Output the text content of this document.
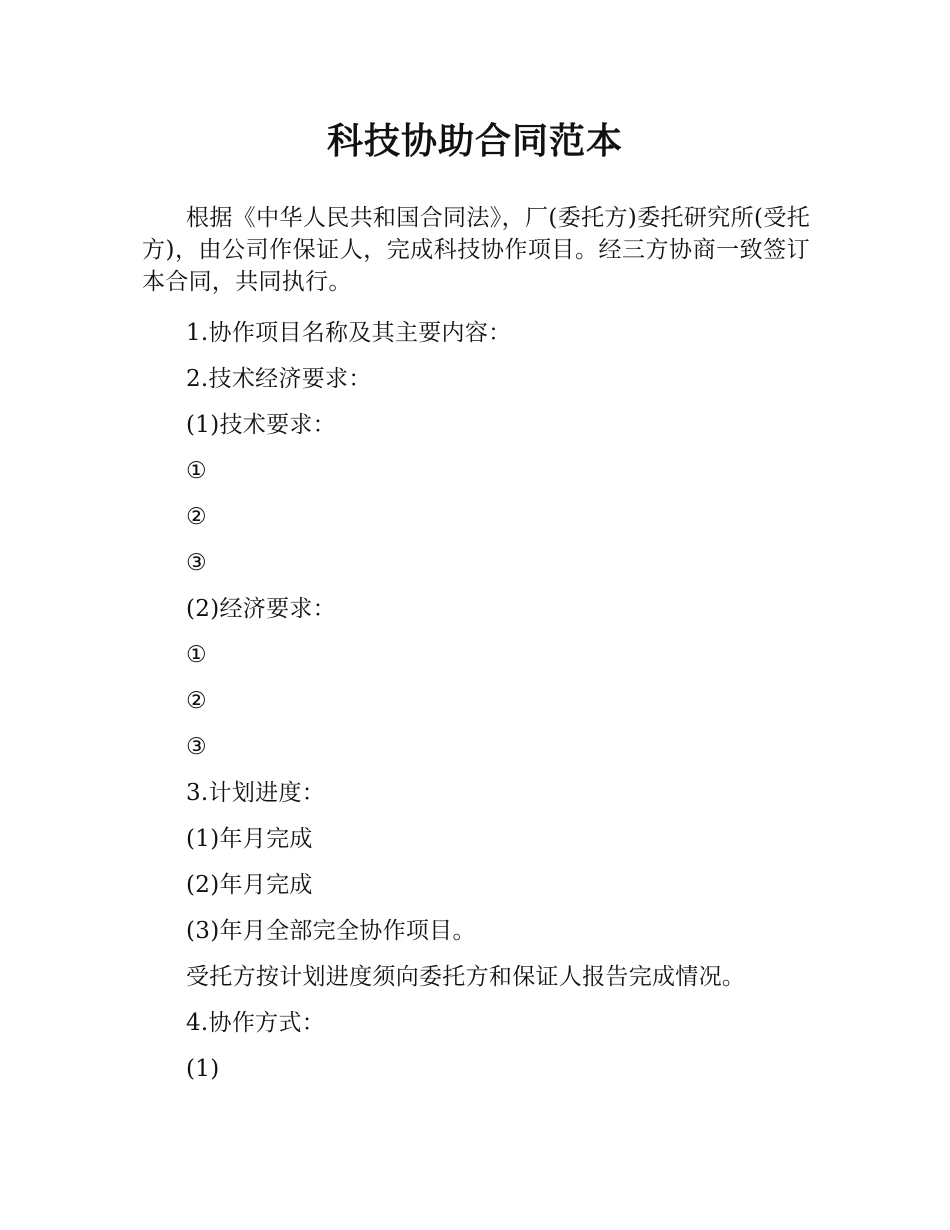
科技协助合同范本
根据《中华人民共和国合同法》，厂(委托方)委托研究所(受托方)，由公司作保证人，完成科技协作项目。经三方协商一致签订本合同，共同执行。
1.协作项目名称及其主要内容：
2.技术经济要求：
(1)技术要求：
①
②
③
(2)经济要求：
①
②
③
3.计划进度：
(1)年月完成
(2)年月完成
(3)年月全部完全协作项目。
受托方按计划进度须向委托方和保证人报告完成情况。
4.协作方式：
(1)
